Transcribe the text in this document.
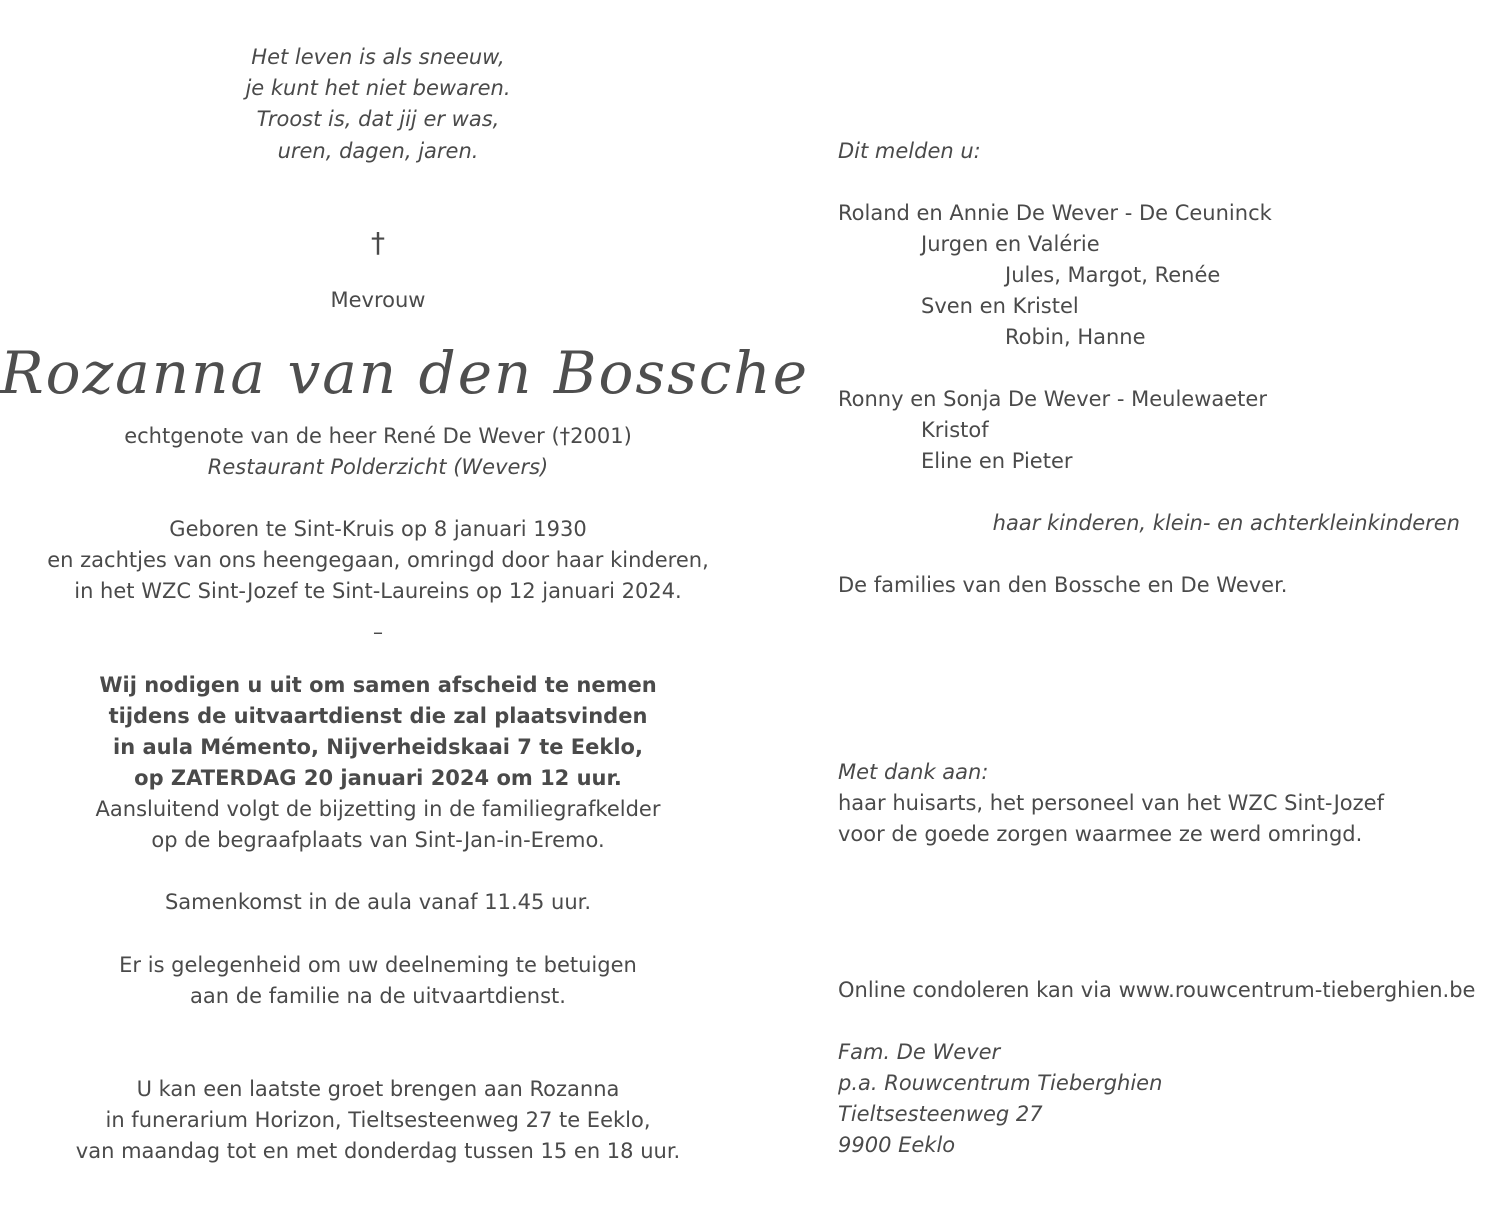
Het leven is als sneeuw,
je kunt het niet bewaren.
Troost is, dat jij er was,
uren, dagen, jaren.
†
Mevrouw
Rozanna van den Bossche
echtgenote van de heer René De Wever (†2001)
Restaurant Polderzicht (Wevers)
Geboren te Sint-Kruis op 8 januari 1930
en zachtjes van ons heengegaan, omringd door haar kinderen,
in het WZC Sint-Jozef te Sint-Laureins op 12 januari 2024.
–
Wij nodigen u uit om samen afscheid te nemen
tijdens de uitvaartdienst die zal plaatsvinden
in aula Mémento, Nijverheidskaai 7 te Eeklo,
op ZATERDAG 20 januari 2024 om 12 uur.
Aansluitend volgt de bijzetting in de familiegrafkelder
op de begraafplaats van Sint-Jan-in-Eremo.
Samenkomst in de aula vanaf 11.45 uur.
Er is gelegenheid om uw deelneming te betuigen
aan de familie na de uitvaartdienst.
U kan een laatste groet brengen aan Rozanna
in funerarium Horizon, Tieltsesteenweg 27 te Eeklo,
van maandag tot en met donderdag tussen 15 en 18 uur.
Dit melden u:
Roland en Annie De Wever - De Ceuninck
Jurgen en Valérie
Jules, Margot, Renée
Sven en Kristel
Robin, Hanne
Ronny en Sonja De Wever - Meulewaeter
Kristof
Eline en Pieter
haar kinderen, klein- en achterkleinkinderen
De families van den Bossche en De Wever.
Met dank aan:
haar huisarts, het personeel van het WZC Sint-Jozef
voor de goede zorgen waarmee ze werd omringd.
Online condoleren kan via www.rouwcentrum-tieberghien.be
Fam. De Wever
p.a. Rouwcentrum Tieberghien
Tieltsesteenweg 27
9900 Eeklo
